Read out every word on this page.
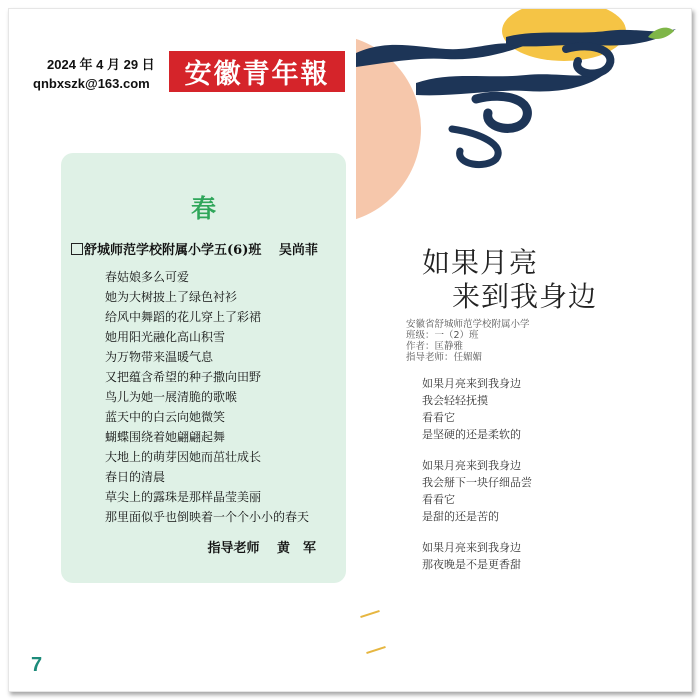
2024 年 4 月 29 日
qnbxszk@163.com	安徽青年報
春
舒城师范学校附属小学五(6)班　 吴尚菲
春姑娘多么可爱
她为大树披上了绿色衬衫
给风中舞蹈的花儿穿上了彩裙
她用阳光融化高山积雪
为万物带来温暖气息
又把蕴含希望的种子撒向田野
鸟儿为她一展清脆的歌喉
蓝天中的白云向她微笑
蝴蝶围绕着她翩翩起舞
大地上的萌芽因她而茁壮成长
春日的清晨
草尖上的露珠是那样晶莹美丽
那里面似乎也倒映着一个个小小的春天
指导老师　 黄　军
7
如果月亮
来到我身边
安徽省舒城师范学校附属小学
班级：一（2）班
作者：匡静雅
指导老师：任媚媚
如果月亮来到我身边
我会轻轻抚摸
看看它
是坚硬的还是柔软的
如果月亮来到我身边
我会掰下一块仔细品尝
看看它
是甜的还是苦的
如果月亮来到我身边
那夜晚是不是更香甜
